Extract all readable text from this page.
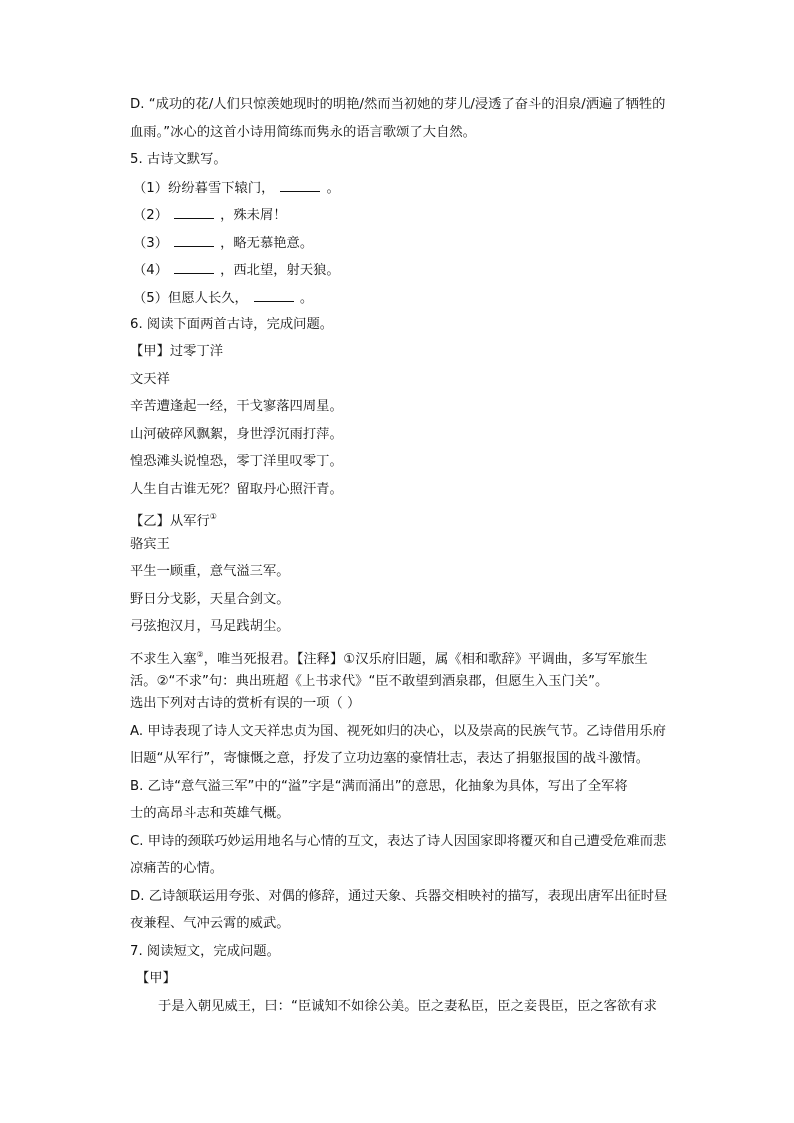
D. “成功的花/人们只惊羡她现时的明艳/然而当初她的芽儿/浸透了奋斗的泪泉/洒遍了牺牲的
血雨。”冰心的这首小诗用简练而隽永的语言歌颂了大自然。
5. 古诗文默写。
（1）纷纷暮雪下辕门，	。
（2）	，殊未屑！
（3）	，略无慕艳意。
（4）	，西北望，射天狼。
（5）但愿人长久，	。
6. 阅读下面两首古诗，完成问题。
【甲】过零丁洋
文天祥
辛苦遭逢起一经，干戈寥落四周星。
山河破碎风飘絮，身世浮沉雨打萍。
惶恐滩头说惶恐，零丁洋里叹零丁。
人生自古谁无死？留取丹心照汗青。
【乙】从军行①
骆宾王
平生一顾重，意气溢三军。
野日分戈影，天星合剑文。
弓弦抱汉月，马足践胡尘。
不求生入塞②，唯当死报君。【注释】①汉乐府旧题，属《相和歌辞》平调曲，多写军旅生
活。②“不求”句：典出班超《上书求代》“臣不敢望到酒泉郡，但愿生入玉门关”。
选出下列对古诗的赏析有误的一项（ ）
A. 甲诗表现了诗人文天祥忠贞为国、视死如归的决心，以及崇高的民族气节。乙诗借用乐府
旧题“从军行”，寄慷慨之意，抒发了立功边塞的豪情壮志，表达了捐躯报国的战斗激情。
B. 乙诗“意气溢三军”中的“溢”字是“满而涌出”的意思，化抽象为具体，写出了全军将
士的高昂斗志和英雄气概。
C. 甲诗的颈联巧妙运用地名与心情的互文，表达了诗人因国家即将覆灭和自己遭受危难而悲
凉痛苦的心情。
D. 乙诗颔联运用夸张、对偶的修辞，通过天象、兵器交相映衬的描写，表现出唐军出征时昼
夜兼程、气冲云霄的威武。
7. 阅读短文，完成问题。
【甲】
于是入朝见威王，曰：“臣诚知不如徐公美。臣之妻私臣，臣之妾畏臣，臣之客欲有求
